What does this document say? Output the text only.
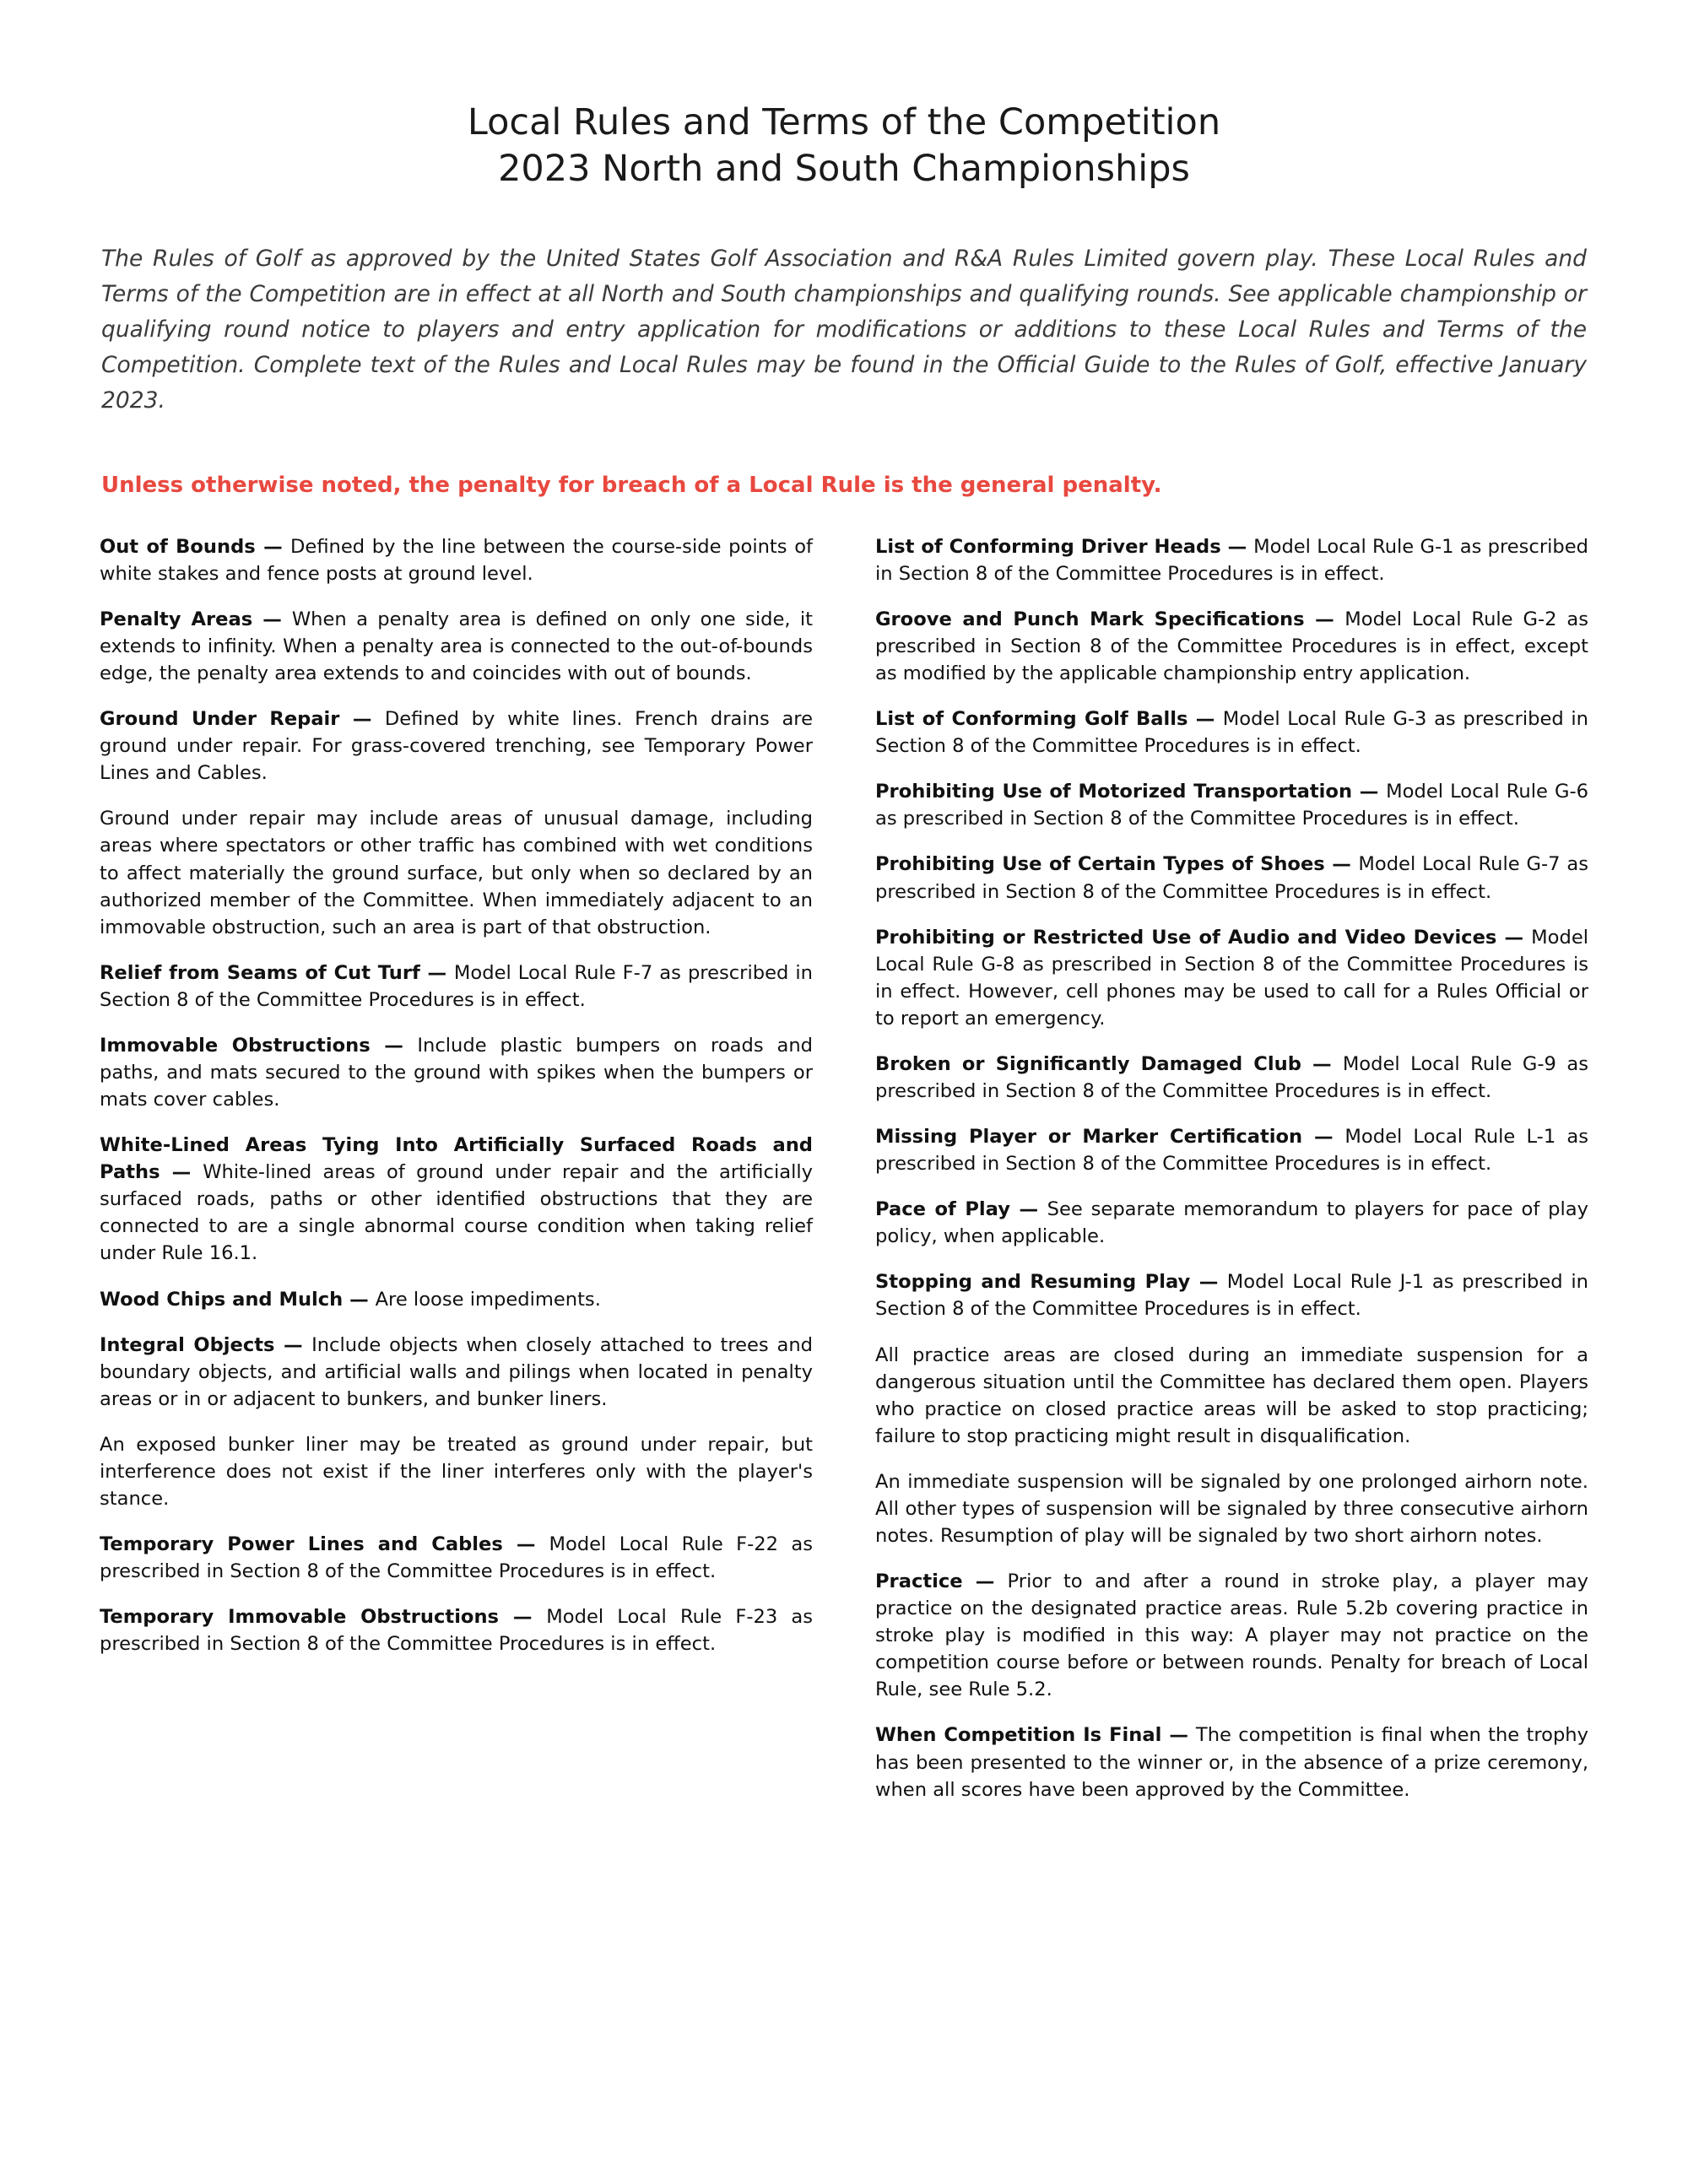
Local Rules and Terms of the Competition
2023 North and South Championships

The Rules of Golf as approved by the United States Golf Association and R&A Rules Limited govern play. These Local Rules and Terms of the Competition are in effect at all North and South championships and qualifying rounds. See applicable championship or qualifying round notice to players and entry application for modifications or additions to these Local Rules and Terms of the Competition. Complete text of the Rules and Local Rules may be found in the Official Guide to the Rules of Golf, effective January 2023.

Unless otherwise noted, the penalty for breach of a Local Rule is the general penalty.

Out of Bounds — Defined by the line between the course-side points of white stakes and fence posts at ground level.

Penalty Areas — When a penalty area is defined on only one side, it extends to infinity. When a penalty area is connected to the out-of-bounds edge, the penalty area extends to and coincides with out of bounds.

Ground Under Repair — Defined by white lines. French drains are ground under repair. For grass-covered trenching, see Temporary Power Lines and Cables.

Ground under repair may include areas of unusual damage, including areas where spectators or other traffic has combined with wet conditions to affect materially the ground surface, but only when so declared by an authorized member of the Committee. When immediately adjacent to an immovable obstruction, such an area is part of that obstruction.

Relief from Seams of Cut Turf — Model Local Rule F-7 as prescribed in Section 8 of the Committee Procedures is in effect.

Immovable Obstructions — Include plastic bumpers on roads and paths, and mats secured to the ground with spikes when the bumpers or mats cover cables.

White-Lined Areas Tying Into Artificially Surfaced Roads and Paths — White-lined areas of ground under repair and the artificially surfaced roads, paths or other identified obstructions that they are connected to are a single abnormal course condition when taking relief under Rule 16.1.

Wood Chips and Mulch — Are loose impediments.

Integral Objects — Include objects when closely attached to trees and boundary objects, and artificial walls and pilings when located in penalty areas or in or adjacent to bunkers, and bunker liners.

An exposed bunker liner may be treated as ground under repair, but interference does not exist if the liner interferes only with the player's stance.

Temporary Power Lines and Cables — Model Local Rule F-22 as prescribed in Section 8 of the Committee Procedures is in effect.

Temporary Immovable Obstructions — Model Local Rule F-23 as prescribed in Section 8 of the Committee Procedures is in effect.

List of Conforming Driver Heads — Model Local Rule G-1 as prescribed in Section 8 of the Committee Procedures is in effect.

Groove and Punch Mark Specifications — Model Local Rule G-2 as prescribed in Section 8 of the Committee Procedures is in effect, except as modified by the applicable championship entry application.

List of Conforming Golf Balls — Model Local Rule G-3 as prescribed in Section 8 of the Committee Procedures is in effect.

Prohibiting Use of Motorized Transportation — Model Local Rule G-6 as prescribed in Section 8 of the Committee Procedures is in effect.

Prohibiting Use of Certain Types of Shoes — Model Local Rule G-7 as prescribed in Section 8 of the Committee Procedures is in effect.

Prohibiting or Restricted Use of Audio and Video Devices — Model Local Rule G-8 as prescribed in Section 8 of the Committee Procedures is in effect. However, cell phones may be used to call for a Rules Official or to report an emergency.

Broken or Significantly Damaged Club — Model Local Rule G-9 as prescribed in Section 8 of the Committee Procedures is in effect.

Missing Player or Marker Certification — Model Local Rule L-1 as prescribed in Section 8 of the Committee Procedures is in effect.

Pace of Play — See separate memorandum to players for pace of play policy, when applicable.

Stopping and Resuming Play — Model Local Rule J-1 as prescribed in Section 8 of the Committee Procedures is in effect.

All practice areas are closed during an immediate suspension for a dangerous situation until the Committee has declared them open. Players who practice on closed practice areas will be asked to stop practicing; failure to stop practicing might result in disqualification.

An immediate suspension will be signaled by one prolonged airhorn note. All other types of suspension will be signaled by three consecutive airhorn notes. Resumption of play will be signaled by two short airhorn notes.

Practice — Prior to and after a round in stroke play, a player may practice on the designated practice areas. Rule 5.2b covering practice in stroke play is modified in this way: A player may not practice on the competition course before or between rounds. Penalty for breach of Local Rule, see Rule 5.2.

When Competition Is Final — The competition is final when the trophy has been presented to the winner or, in the absence of a prize ceremony, when all scores have been approved by the Committee.
